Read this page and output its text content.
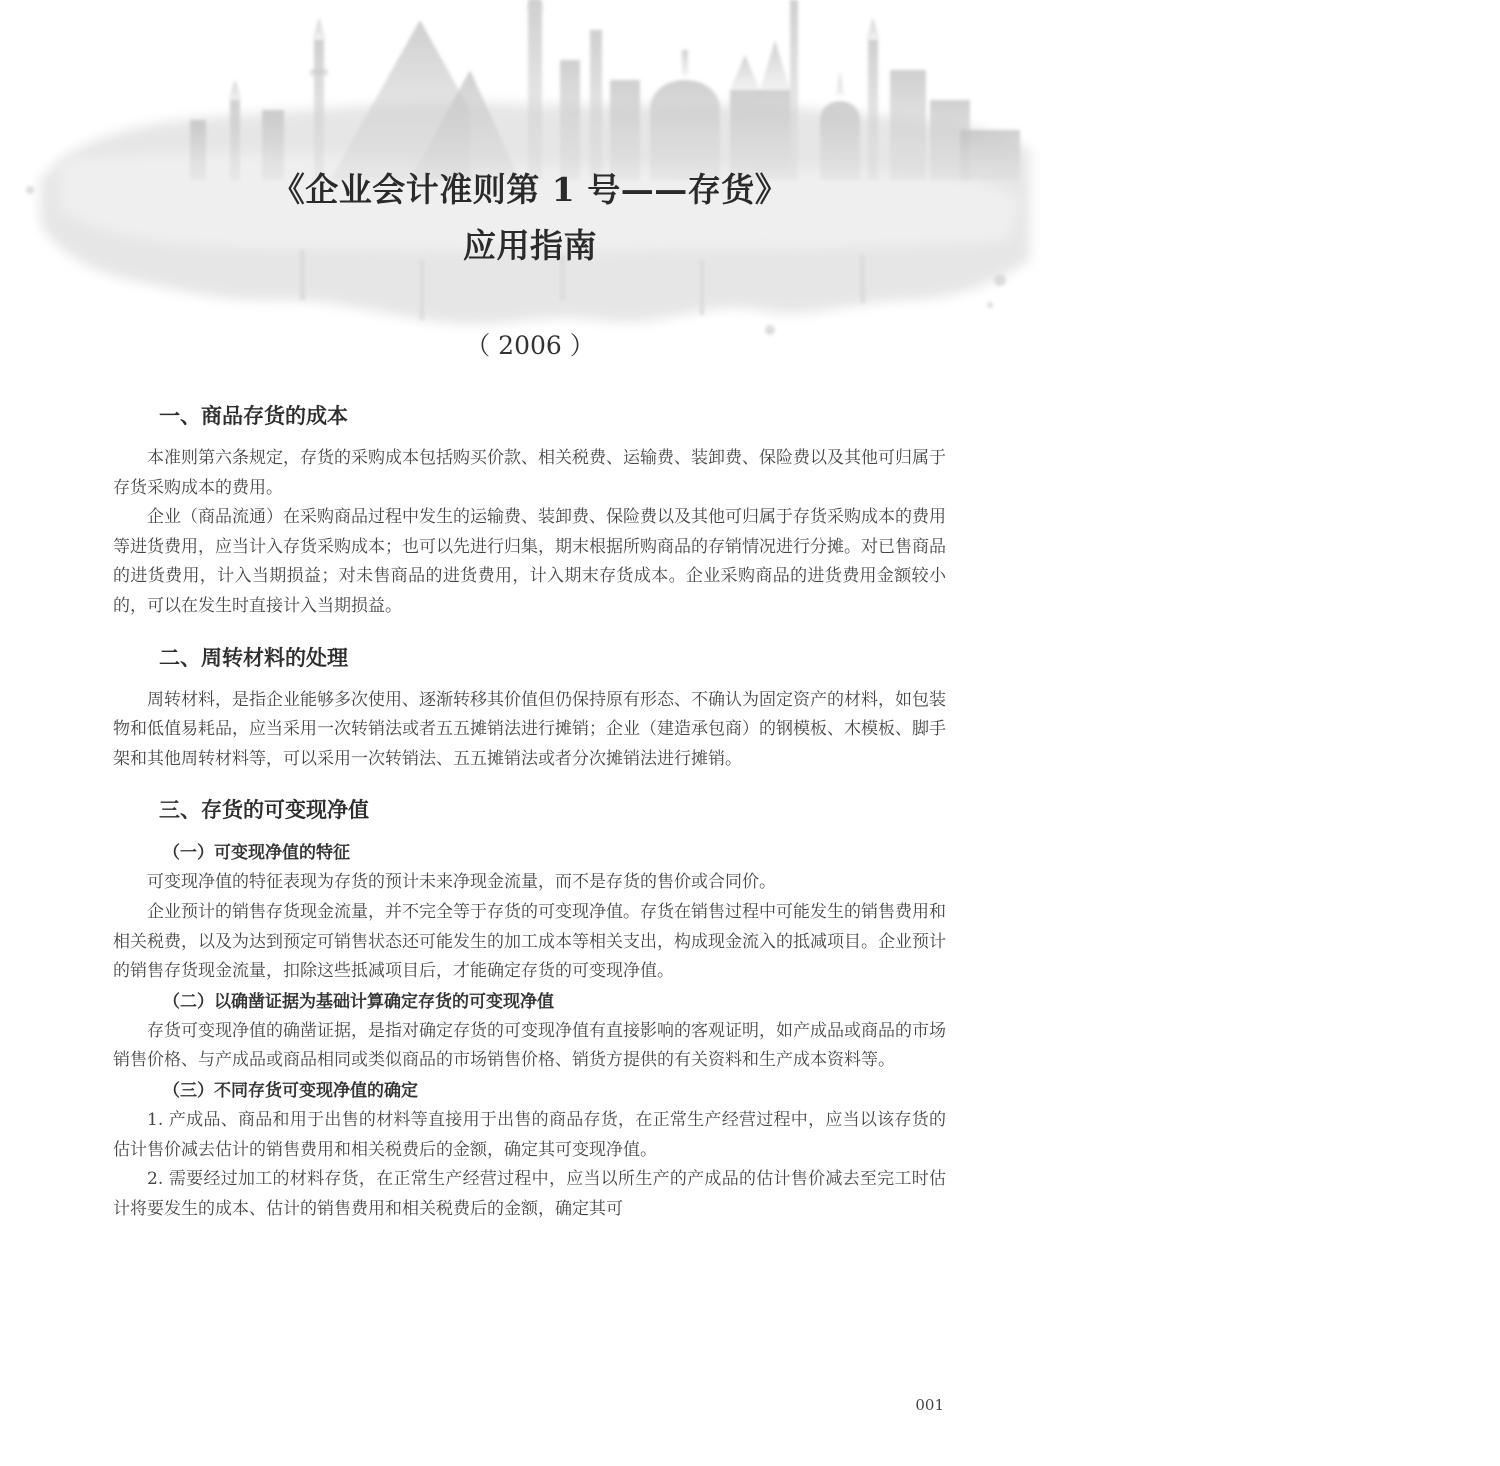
《企业会计准则第 1 号——存货》
应用指南

（ 2006 ）

一、商品存货的成本

本准则第六条规定，存货的采购成本包括购买价款、相关税费、运输费、装卸费、保险费以及其他可归属于存货采购成本的费用。

企业（商品流通）在采购商品过程中发生的运输费、装卸费、保险费以及其他可归属于存货采购成本的费用等进货费用，应当计入存货采购成本；也可以先进行归集，期末根据所购商品的存销情况进行分摊。对已售商品的进货费用，计入当期损益；对未售商品的进货费用，计入期末存货成本。企业采购商品的进货费用金额较小的，可以在发生时直接计入当期损益。

二、周转材料的处理

周转材料，是指企业能够多次使用、逐渐转移其价值但仍保持原有形态、不确认为固定资产的材料，如包装物和低值易耗品，应当采用一次转销法或者五五摊销法进行摊销；企业（建造承包商）的钢模板、木模板、脚手架和其他周转材料等，可以采用一次转销法、五五摊销法或者分次摊销法进行摊销。

三、存货的可变现净值
（一）可变现净值的特征

可变现净值的特征表现为存货的预计未来净现金流量，而不是存货的售价或合同价。

企业预计的销售存货现金流量，并不完全等于存货的可变现净值。存货在销售过程中可能发生的销售费用和相关税费，以及为达到预定可销售状态还可能发生的加工成本等相关支出，构成现金流入的抵减项目。企业预计的销售存货现金流量，扣除这些抵减项目后，才能确定存货的可变现净值。

（二）以确凿证据为基础计算确定存货的可变现净值

存货可变现净值的确凿证据，是指对确定存货的可变现净值有直接影响的客观证明，如产成品或商品的市场销售价格、与产成品或商品相同或类似商品的市场销售价格、销货方提供的有关资料和生产成本资料等。

（三）不同存货可变现净值的确定

1. 产成品、商品和用于出售的材料等直接用于出售的商品存货，在正常生产经营过程中，应当以该存货的估计售价减去估计的销售费用和相关税费后的金额，确定其可变现净值。

2. 需要经过加工的材料存货，在正常生产经营过程中，应当以所生产的产成品的估计售价减去至完工时估计将要发生的成本、估计的销售费用和相关税费后的金额，确定其可

001
